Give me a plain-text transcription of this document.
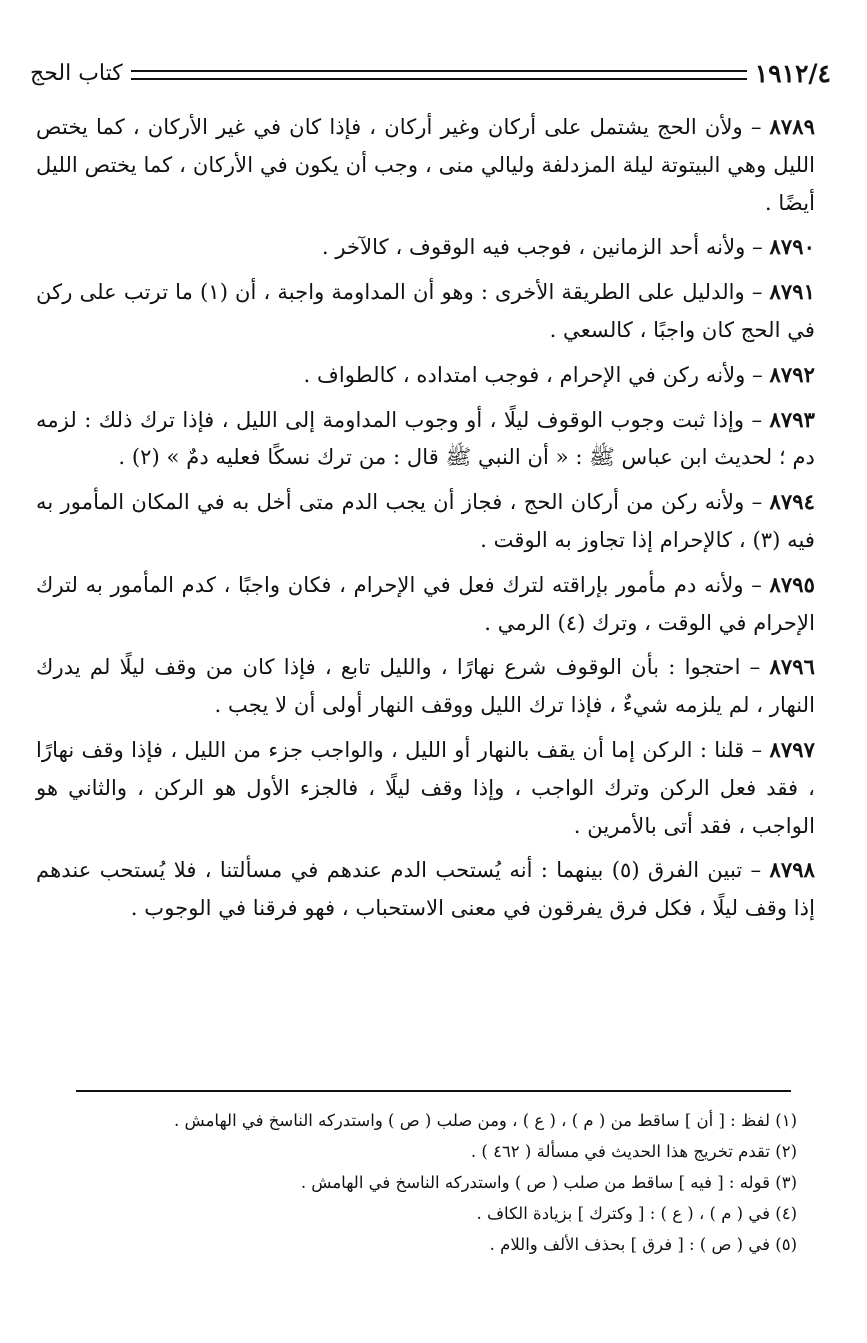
١٩١٢/٤
كتاب الحج

٨٧٨٩ – ولأن الحج يشتمل على أركان وغير أركان ، فإذا كان في غير الأركان ، كما يختص الليل وهي البيتوتة ليلة المزدلفة وليالي منى ، وجب أن يكون في الأركان ، كما يختص الليل أيضًا .

٨٧٩٠ – ولأنه أحد الزمانين ، فوجب فيه الوقوف ، كالآخر .

٨٧٩١ – والدليل على الطريقة الأخرى : وهو أن المداومة واجبة ، أن (١) ما ترتب على ركن في الحج كان واجبًا ، كالسعي .

٨٧٩٢ – ولأنه ركن في الإحرام ، فوجب امتداده ، كالطواف .

٨٧٩٣ – وإذا ثبت وجوب الوقوف ليلًا ، أو وجوب المداومة إلى الليل ، فإذا ترك ذلك : لزمه دم ؛ لحديث ابن عباس ﷺ : « أن النبي ﷺ قال : من ترك نسكًا فعليه دمٌ » (٢) .

٨٧٩٤ – ولأنه ركن من أركان الحج ، فجاز أن يجب الدم متى أخل به في المكان المأمور به فيه (٣) ، كالإحرام إذا تجاوز به الوقت .

٨٧٩٥ – ولأنه دم مأمور بإراقته لترك فعل في الإحرام ، فكان واجبًا ، كدم المأمور به لترك الإحرام في الوقت ، وترك (٤) الرمي .

٨٧٩٦ – احتجوا : بأن الوقوف شرع نهارًا ، والليل تابع ، فإذا كان من وقف ليلًا لم يدرك النهار ، لم يلزمه شيءٌ ، فإذا ترك الليل ووقف النهار أولى أن لا يجب .

٨٧٩٧ – قلنا : الركن إما أن يقف بالنهار أو الليل ، والواجب جزء من الليل ، فإذا وقف نهارًا ، فقد فعل الركن وترك الواجب ، وإذا وقف ليلًا ، فالجزء الأول هو الركن ، والثاني هو الواجب ، فقد أتى بالأمرين .

٨٧٩٨ – تبين الفرق (٥) بينهما : أنه يُستحب الدم عندهم في مسألتنا ، فلا يُستحب عندهم إذا وقف ليلًا ، فكل فرق يفرقون في معنى الاستحباب ، فهو فرقنا في الوجوب .

(١) لفظ : [ أن ] ساقط من ( م ) ، ( ع ) ، ومن صلب ( ص ) واستدركه الناسخ في الهامش .

(٢) تقدم تخريج هذا الحديث في مسألة ( ٤٦٢ ) .

(٣) قوله : [ فيه ] ساقط من صلب ( ص ) واستدركه الناسخ في الهامش .

(٤) في ( م ) ، ( ع ) : [ وكترك ] بزيادة الكاف .

(٥) في ( ص ) : [ فرق ] بحذف الألف واللام .
